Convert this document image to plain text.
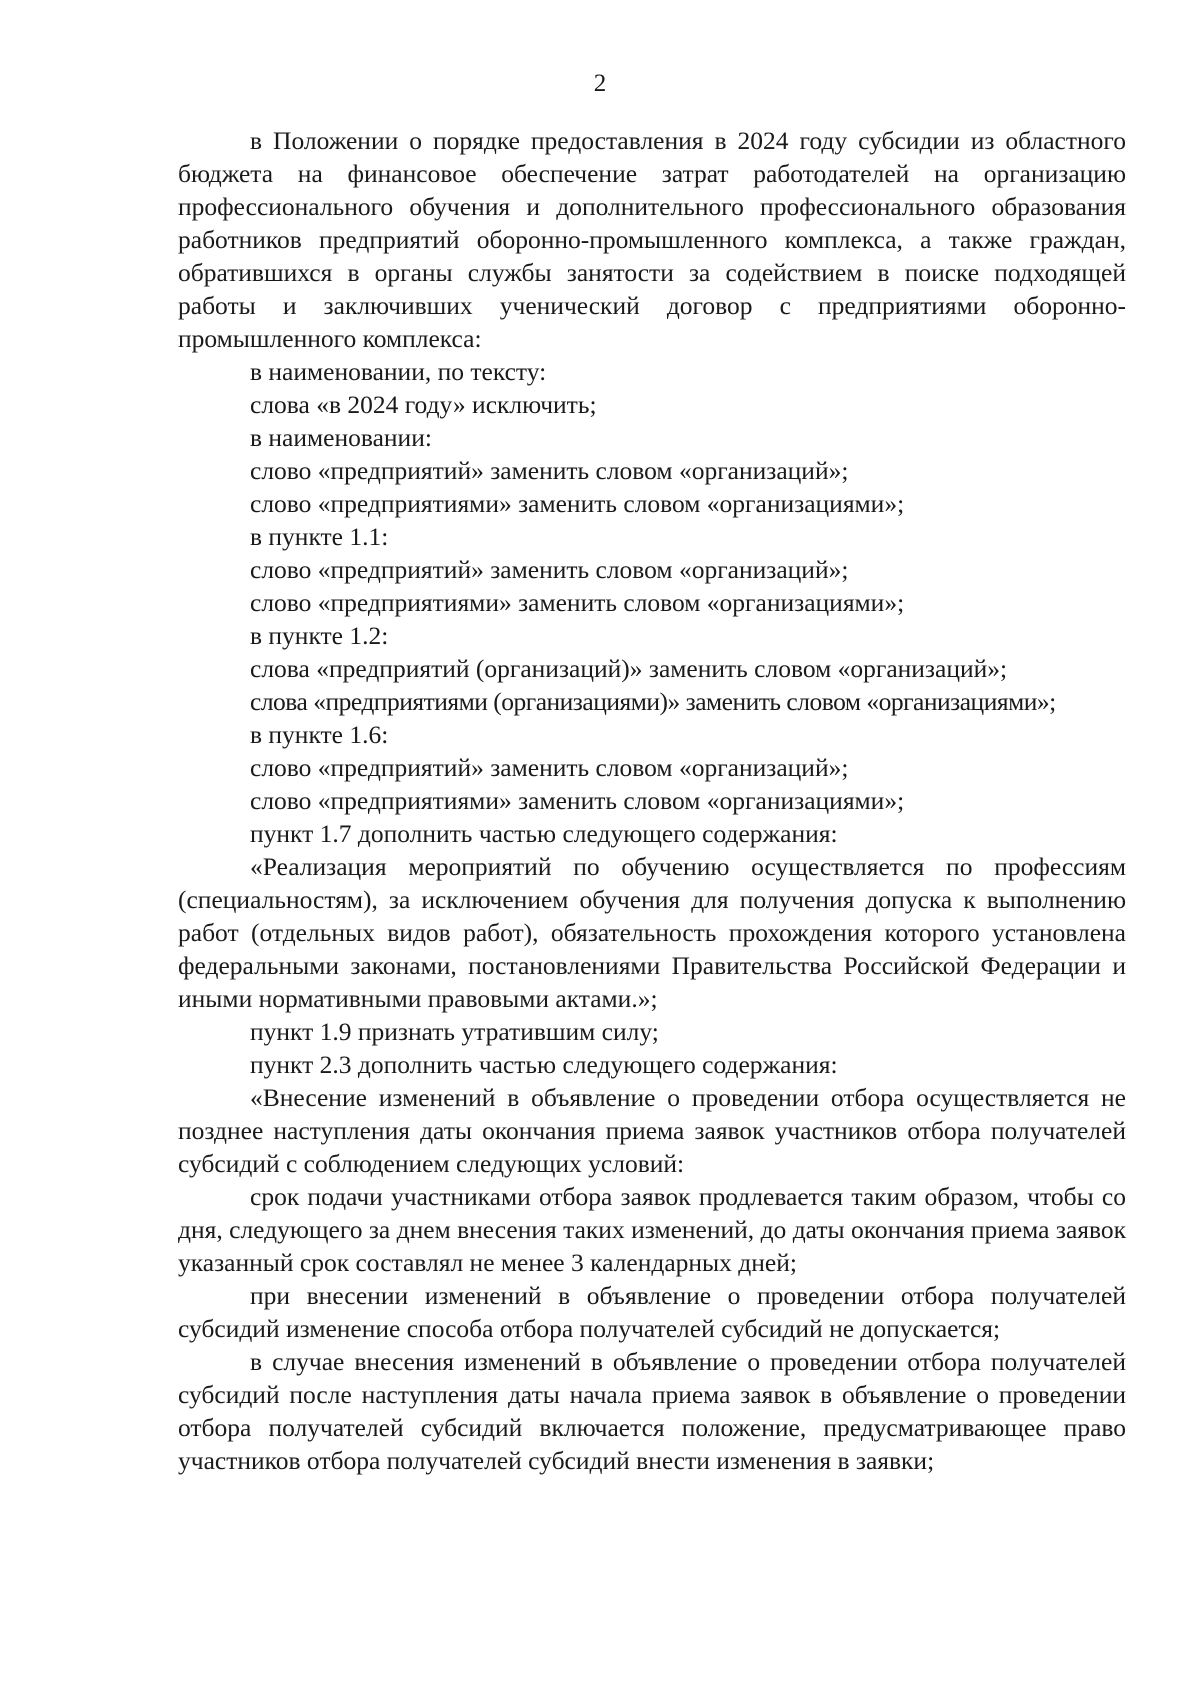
2

в Положении о порядке предоставления в 2024 году субсидии из областного бюджета на финансовое обеспечение затрат работодателей на организацию профессионального обучения и дополнительного профессионального образования работников предприятий оборонно-промышленного комплекса, а также граждан, обратившихся в органы службы занятости за содействием в поиске подходящей работы и заключивших ученический договор с предприятиями оборонно-промышленного комплекса:

в наименовании, по тексту:

слова «в 2024 году» исключить;

в наименовании:

слово «предприятий» заменить словом «организаций»;

слово «предприятиями» заменить словом «организациями»;

в пункте 1.1:

слово «предприятий» заменить словом «организаций»;

слово «предприятиями» заменить словом «организациями»;

в пункте 1.2:

слова «предприятий (организаций)» заменить словом «организаций»;

слова «предприятиями (организациями)» заменить словом «организациями»;

в пункте 1.6:

слово «предприятий» заменить словом «организаций»;

слово «предприятиями» заменить словом «организациями»;

пункт 1.7 дополнить частью следующего содержания:

«Реализация мероприятий по обучению осуществляется по профессиям (специальностям), за исключением обучения для получения допуска к выполнению работ (отдельных видов работ), обязательность прохождения которого установлена федеральными законами, постановлениями Правительства Российской Федерации и иными нормативными правовыми актами.»;

пункт 1.9 признать утратившим силу;

пункт 2.3 дополнить частью следующего содержания:

«Внесение изменений в объявление о проведении отбора осуществляется не позднее наступления даты окончания приема заявок участников отбора получателей субсидий с соблюдением следующих условий:

срок подачи участниками отбора заявок продлевается таким образом, чтобы со дня, следующего за днем внесения таких изменений, до даты окончания приема заявок указанный срок составлял не менее 3 календарных дней;

при внесении изменений в объявление о проведении отбора получателей субсидий изменение способа отбора получателей субсидий не допускается;

в случае внесения изменений в объявление о проведении отбора получателей субсидий после наступления даты начала приема заявок в объявление о проведении отбора получателей субсидий включается положение, предусматривающее право участников отбора получателей субсидий внести изменения в заявки;
